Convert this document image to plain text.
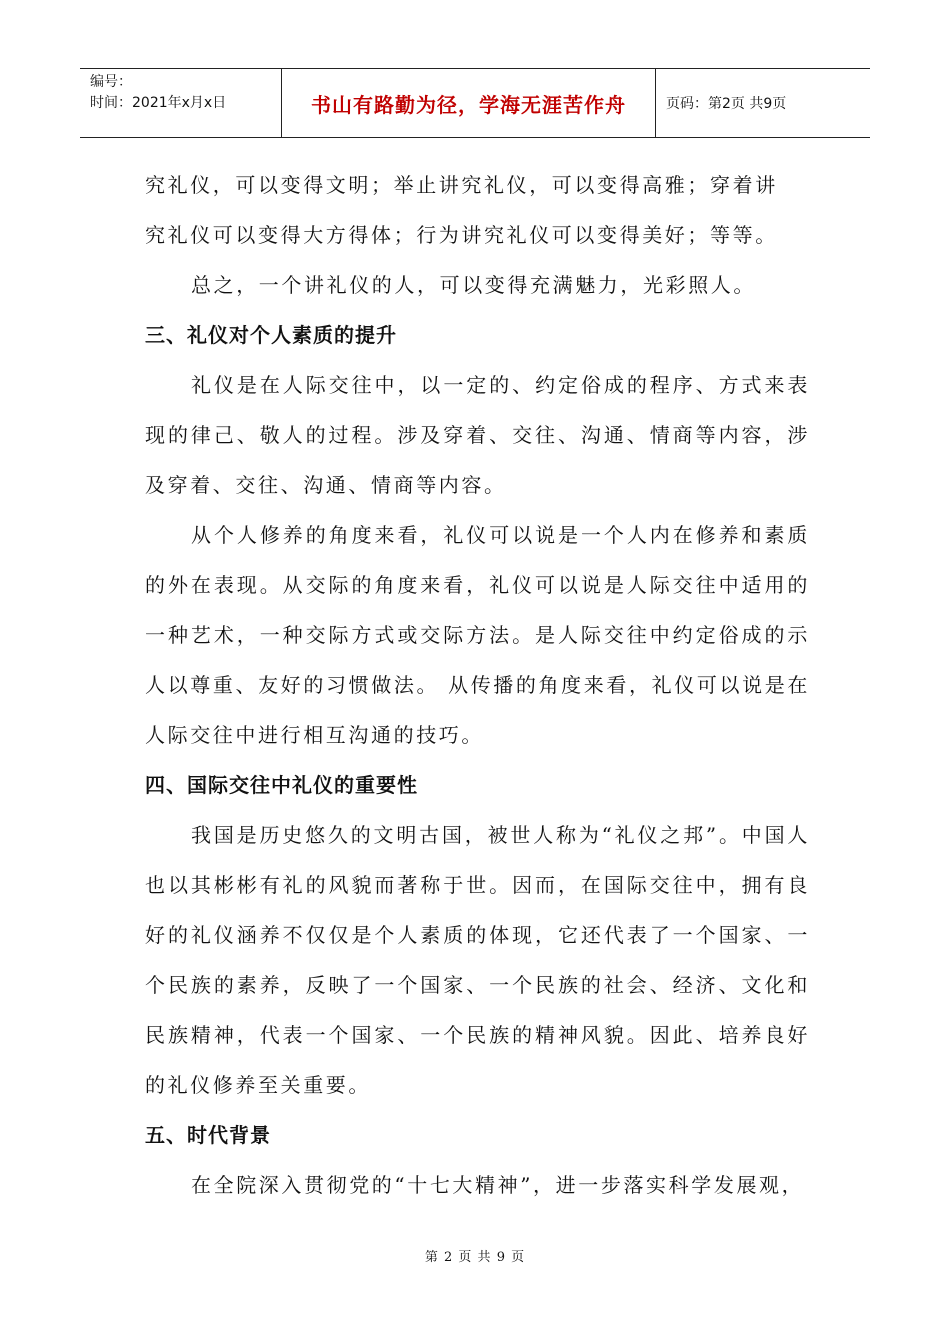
编号：
时间：2021年x月x日	书山有路勤为径，学海无涯苦作舟	页码：第2页 共9页

究礼仪，可以变得文明；举止讲究礼仪，可以变得高雅；穿着讲

究礼仪可以变得大方得体；行为讲究礼仪可以变得美好；等等。

总之，一个讲礼仪的人，可以变得充满魅力，光彩照人。

三、礼仪对个人素质的提升

礼仪是在人际交往中，以一定的、约定俗成的程序、方式来表现的律己、敬人的过程。涉及穿着、交往、沟通、情商等内容，涉及穿着、交往、沟通、情商等内容。

从个人修养的角度来看，礼仪可以说是一个人内在修养和素质的外在表现。从交际的角度来看，礼仪可以说是人际交往中适用的一种艺术，一种交际方式或交际方法。是人际交往中约定俗成的示人以尊重、友好的习惯做法。 从传播的角度来看，礼仪可以说是在人际交往中进行相互沟通的技巧。

四、国际交往中礼仪的重要性

我国是历史悠久的文明古国，被世人称为“礼仪之邦”。中国人也以其彬彬有礼的风貌而著称于世。因而，在国际交往中，拥有良好的礼仪涵养不仅仅是个人素质的体现，它还代表了一个国家、一个民族的素养，反映了一个国家、一个民族的社会、经济、文化和民族精神，代表一个国家、一个民族的精神风貌。因此、培养良好的礼仪修养至关重要。

五、时代背景

在全院深入贯彻党的“十七大精神”，进一步落实科学发展观，

第 2 页 共 9 页
